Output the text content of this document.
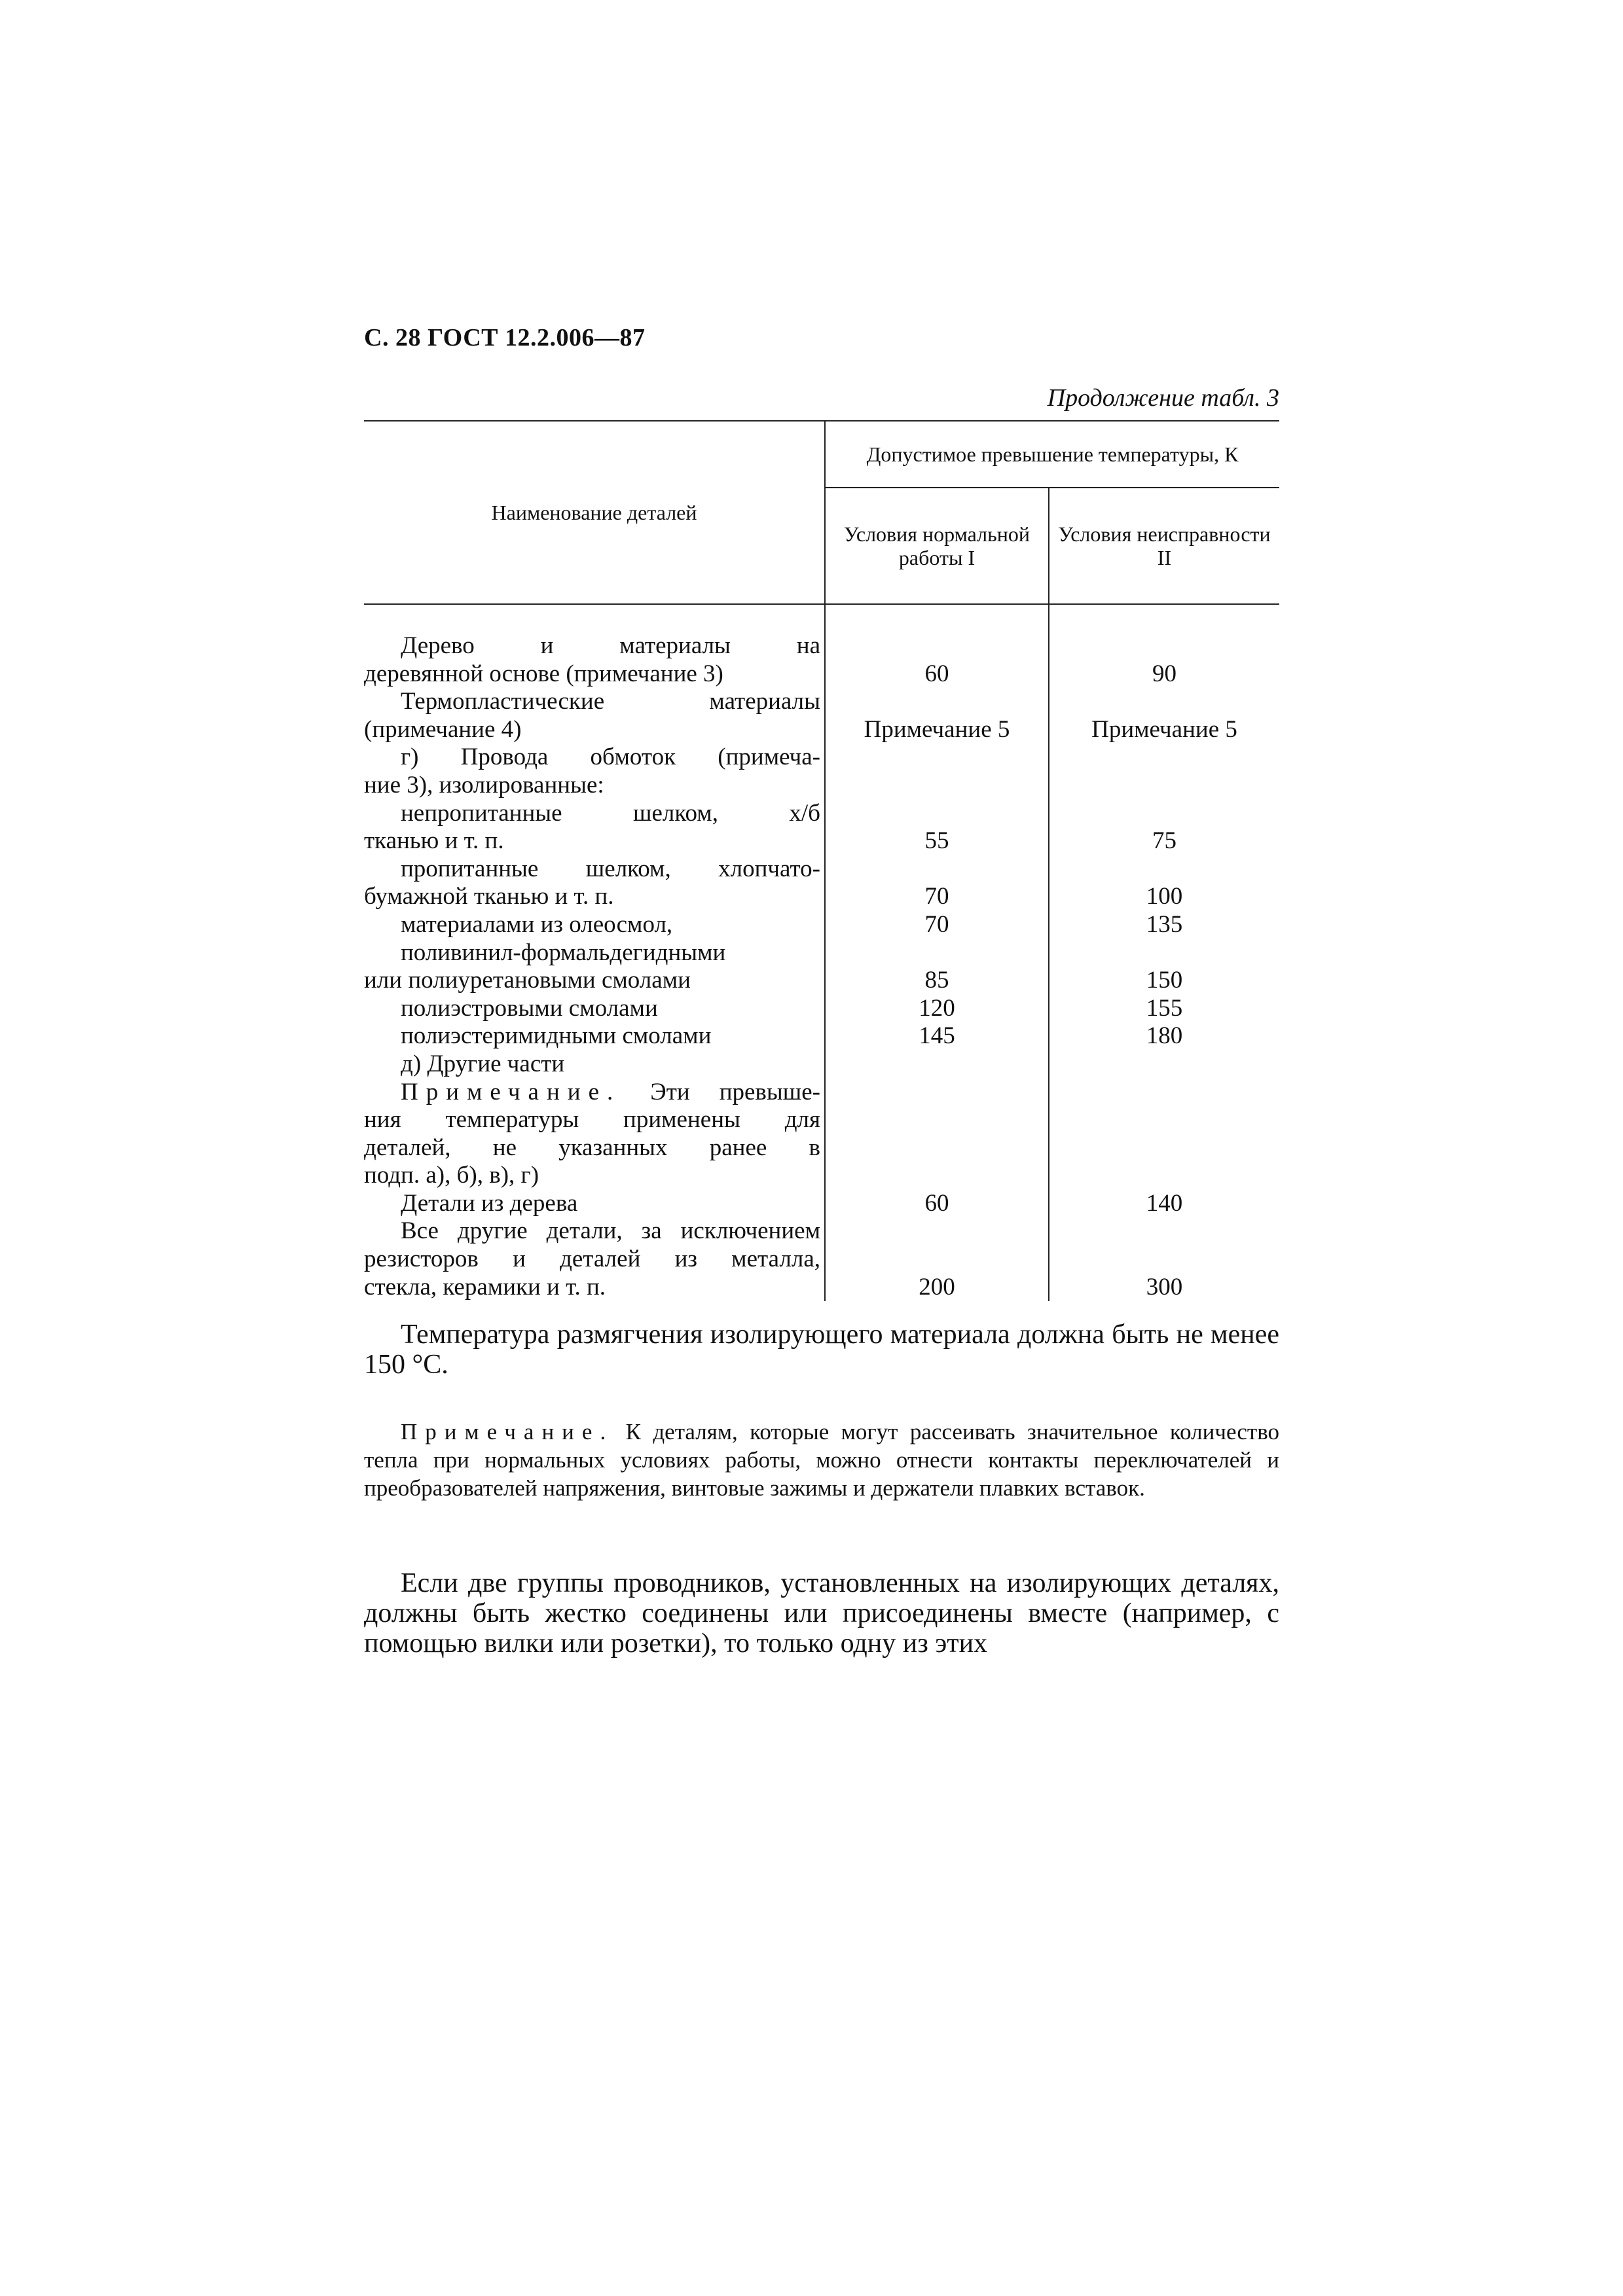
С. 28 ГОСТ 12.2.006—87
Продолжение табл. 3
Наименование деталей	Допустимое превышение температуры, К	
	Условия нормальной работы I	Условия неисправности II

Дерево и материалы на
деревянной основе (примечание 3)	60	90

Термопластические материалы
(примечание 4)	Примечание 5	Примечание 5

г) Провода обмоток (примеча-
ние 3), изолированные:		

непропитанные шелком, х/б
тканью и т. п.	55	75

пропитанные шелком, хлопчато-
бумажной тканью и т. п.	70	100

материалами из олеосмол,	70	135

поливинил-формальдегидными
или полиуретановыми смолами	85	150

полиэстровыми смолами	120	155

полиэстеримидными смолами	145	180

д) Другие части		

Примечание. Эти превыше-
ния температуры применены для
деталей, не указанных ранее в
подп. а), б), в), г)		

Детали из дерева	60	140

Все другие детали, за исключением
резисторов и деталей из металла,
стекла, керамики и т. п.	200	300

Температура размягчения изолирующего материала должна быть не менее 150 °C.

Примечание. К деталям, которые могут рассеивать значительное количество тепла при нормальных условиях работы, можно отнести контакты переключателей и преобразователей напряжения, винтовые зажимы и держатели плавких вставок.

Если две группы проводников, установленных на изолирующих деталях, должны быть жестко соединены или присоединены вместе (например, с помощью вилки или розетки), то только одну из этих
